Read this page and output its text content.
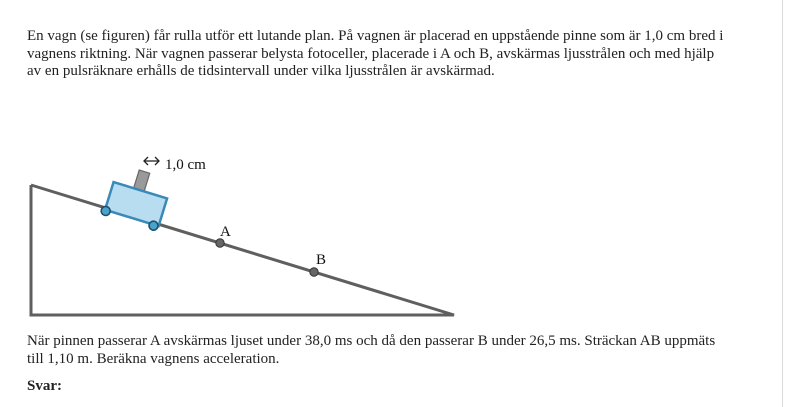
En vagn (se figuren) får rulla utför ett lutande plan. På vagnen är placerad en uppstående pinne som är 1,0 cm bred i vagnens riktning. När vagnen passerar belysta fotoceller, placerade i A och B, avskärmas ljusstrålen och med hjälp av en pulsräknare erhålls de tidsintervall under vilka ljusstrålen är avskärmad.

1,0 cm
A
B

När pinnen passerar A avskärmas ljuset under 38,0 ms och då den passerar B under 26,5 ms. Sträckan AB uppmäts till 1,10 m. Beräkna vagnens acceleration.

Svar:
